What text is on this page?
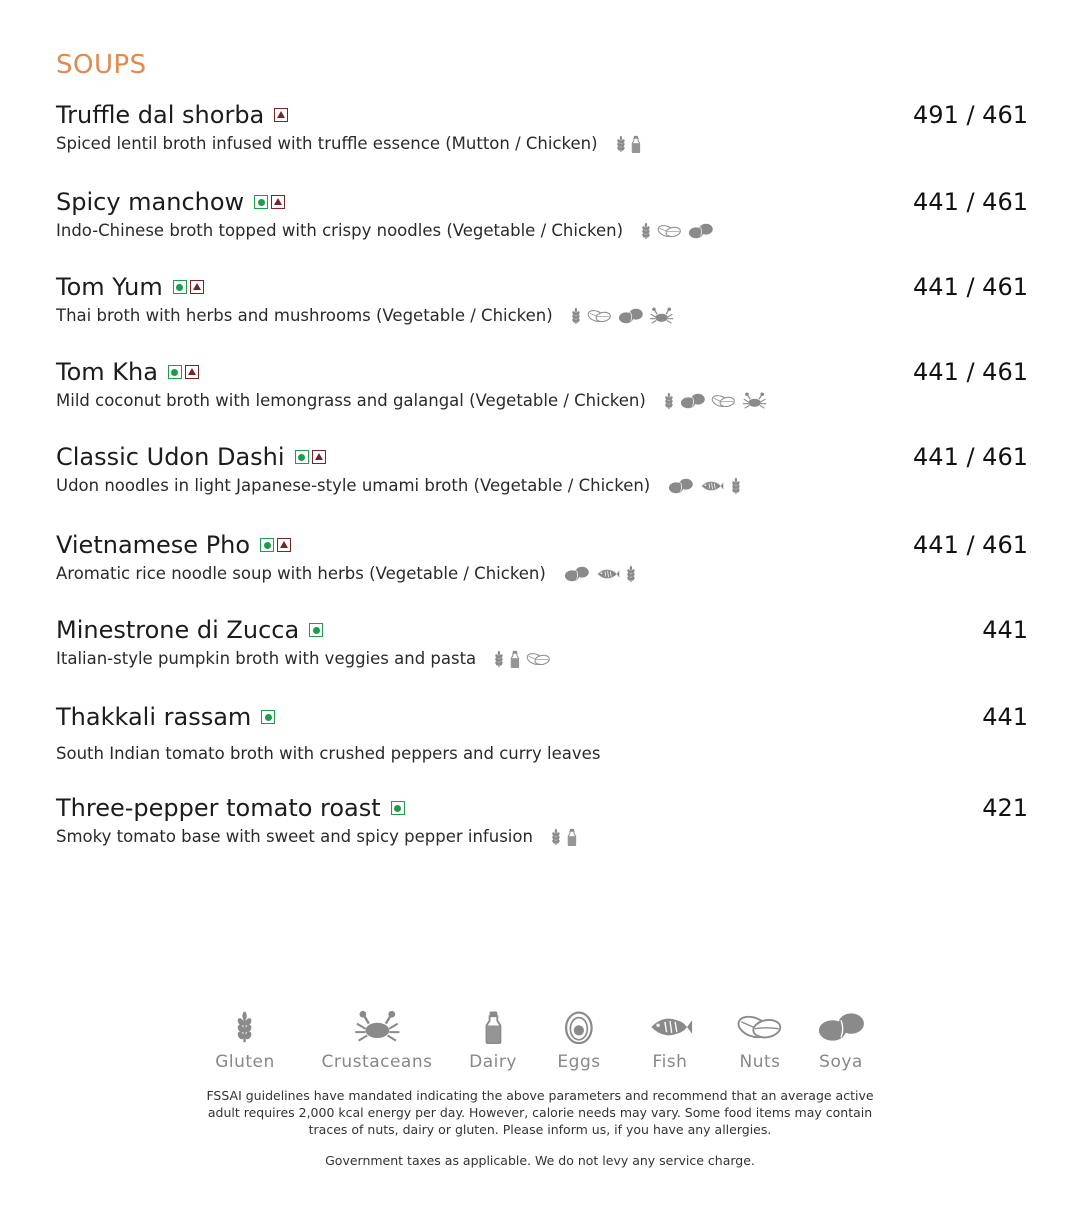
SOUPS
Truffle dal shorba
Spiced lentil broth infused with truffle essence (Mutton / Chicken)
491 / 461
Spicy manchow
Indo-Chinese broth topped with crispy noodles (Vegetable / Chicken)
441 / 461
Tom Yum
Thai broth with herbs and mushrooms (Vegetable / Chicken)
441 / 461
Tom Kha
Mild coconut broth with lemongrass and galangal (Vegetable / Chicken)
441 / 461
Classic Udon Dashi
Udon noodles in light Japanese-style umami broth (Vegetable / Chicken)
441 / 461
Vietnamese Pho
Aromatic rice noodle soup with herbs (Vegetable / Chicken)
441 / 461
Minestrone di Zucca
Italian-style pumpkin broth with veggies and pasta
441
Thakkali rassam
South Indian tomato broth with crushed peppers and curry leaves
441
Three-pepper tomato roast
Smoky tomato base with sweet and spicy pepper infusion
421
Gluten	Crustaceans Dairy Eggs	Fish	Nuts Soya
FSSAI guidelines have mandated indicating the above parameters and recommend that an average active adult requires 2,000 kcal energy per day. However, calorie needs may vary. Some food items may contain traces of nuts, dairy or gluten. Please inform us, if you have any allergies.
Government taxes as applicable. We do not levy any service charge.
